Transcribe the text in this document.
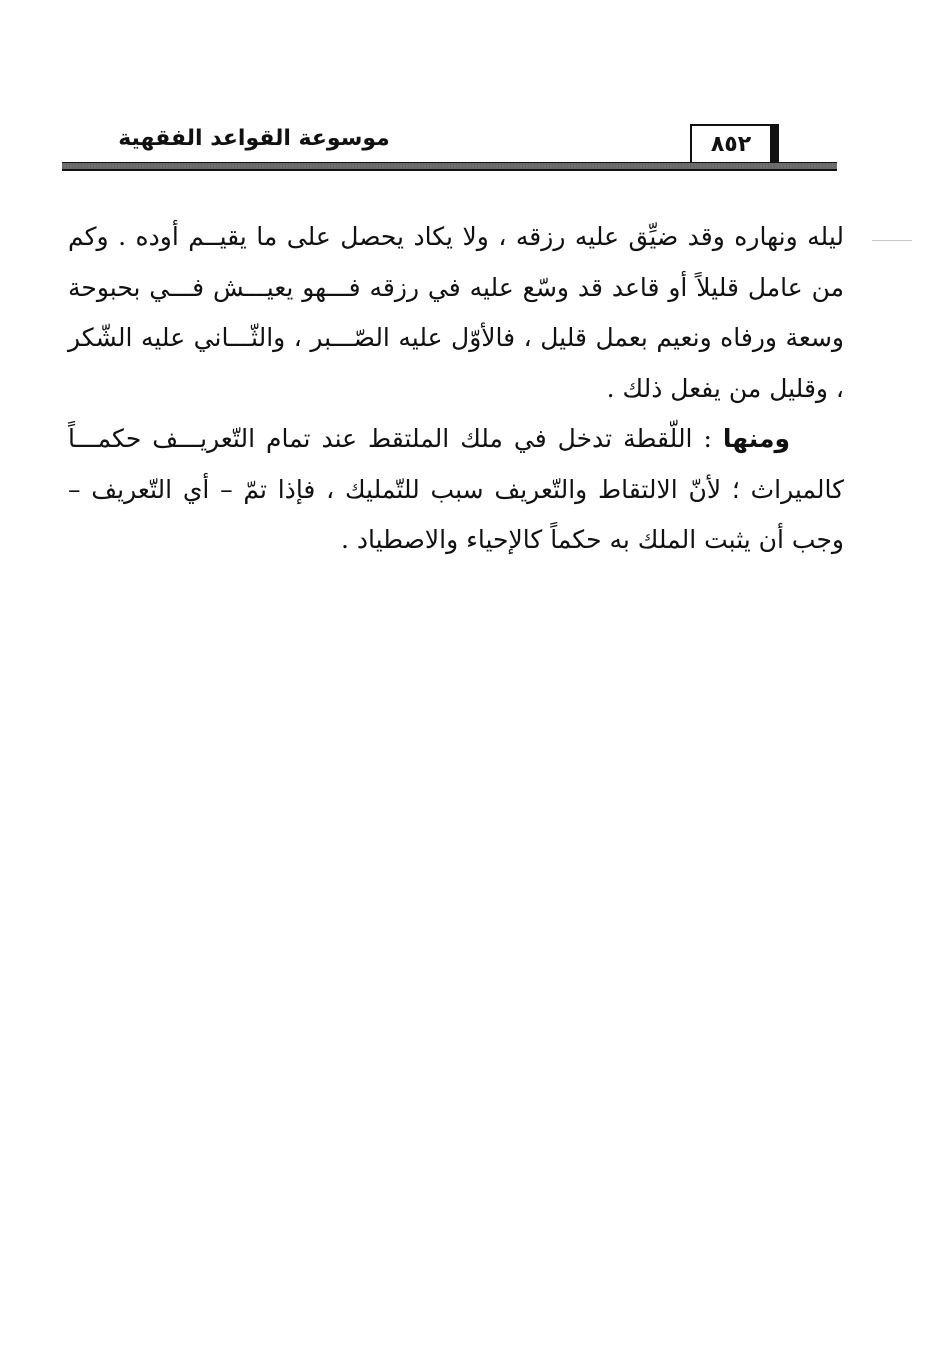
موسوعة القواعد الفقهية	٨٥٢

ليله ونهاره وقد ضيِّق عليه رزقه ، ولا يكاد يحصل على ما يقيــم أوده . وكم من عامل قليلاً أو قاعد قد وسّع عليه في رزقه فـــهو يعيـــش فـــي بحبوحة وسعة ورفاه ونعيم بعمل قليل ، فالأوّل عليه الصّـــبر ، والثّـــاني عليه الشّكر ، وقليل من يفعل ذلك .

ومنها : اللّقطة تدخل في ملك الملتقط عند تمام التّعريـــف حكمـــاً كالميراث ؛ لأنّ الالتقاط والتّعريف سبب للتّمليك ، فإذا تمّ – أي التّعريف – وجب أن يثبت الملك به حكماً كالإحياء والاصطياد .
